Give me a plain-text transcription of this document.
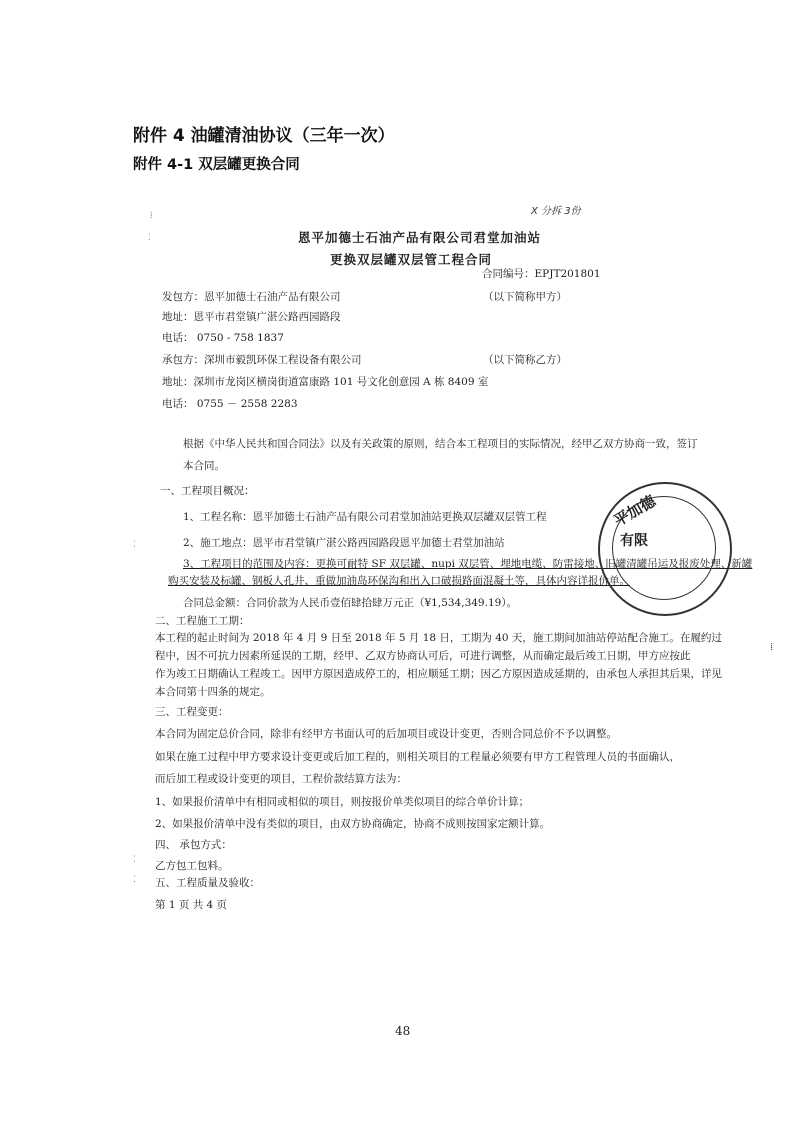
附件 4 油罐清油协议（三年一次）
附件 4-1 双层罐更换合同
X 分拆 3份
⁞
⁚
⁚
⁚
⁚
恩平加德士石油产品有限公司君堂加油站
更换双层罐双层管工程合同
合同编号：EPJT201801
发包方：恩平加德士石油产品有限公司	（以下简称甲方）
地址：恩平市君堂镇广湛公路西园路段
电话： 0750 - 758 1837
承包方：深圳市毅凯环保工程设备有限公司	（以下简称乙方）
地址：深圳市龙岗区横岗街道富康路 101 号文化创意园 A 栋 8409 室
电话： 0755 － 2558 2283
根据《中华人民共和国合同法》以及有关政策的原则，结合本工程项目的实际情况，经甲乙双方协商一致，签订
本合同。
一、工程项目概况：
1、工程名称：恩平加德士石油产品有限公司君堂加油站更换双层罐双层管工程
2、施工地点：恩平市君堂镇广湛公路西园路段恩平加德士君堂加油站
3、工程项目的范围及内容：更换可耐特 SF 双层罐、nupi 双层管、埋地电缆、防雷接地、旧罐清罐吊运及报废处理、新罐
购买安装及标罐、钢板人孔井、重做加油岛环保沟和出入口破损路面混凝土等，具体内容详报价单。
合同总金额：合同价款为人民币壹佰肆拾肆万元正（¥1,534,349.19）。
二、工程施工工期：
本工程的起止时间为 2018 年 4 月 9 日至 2018 年 5 月 18 日，工期为 40 天，施工期间加油站停站配合施工。在履约过
程中，因不可抗力因素所延误的工期，经甲、乙双方协商认可后，可进行调整，从而确定最后竣工日期，甲方应按此
作为竣工日期确认工程竣工。因甲方原因造成停工的，相应顺延工期；因乙方原因造成延期的，由承包人承担其后果，详见
本合同第十四条的规定。
三、工程变更：
本合同为固定总价合同，除非有经甲方书面认可的后加项目或设计变更，否则合同总价不予以调整。
如果在施工过程中甲方要求设计变更或后加工程的，则相关项目的工程量必须要有甲方工程管理人员的书面确认，
而后加工程或设计变更的项目，工程价款结算方法为：
1、如果报价清单中有相同或相似的项目，则按报价单类似项目的综合单价计算；
2、如果报价清单中没有类似的项目，由双方协商确定，协商不成则按国家定额计算。
四、 承包方式：
乙方包工包料。
五、工程质量及验收：
第 1 页 共 4 页
48
平加德
有限
⁞
